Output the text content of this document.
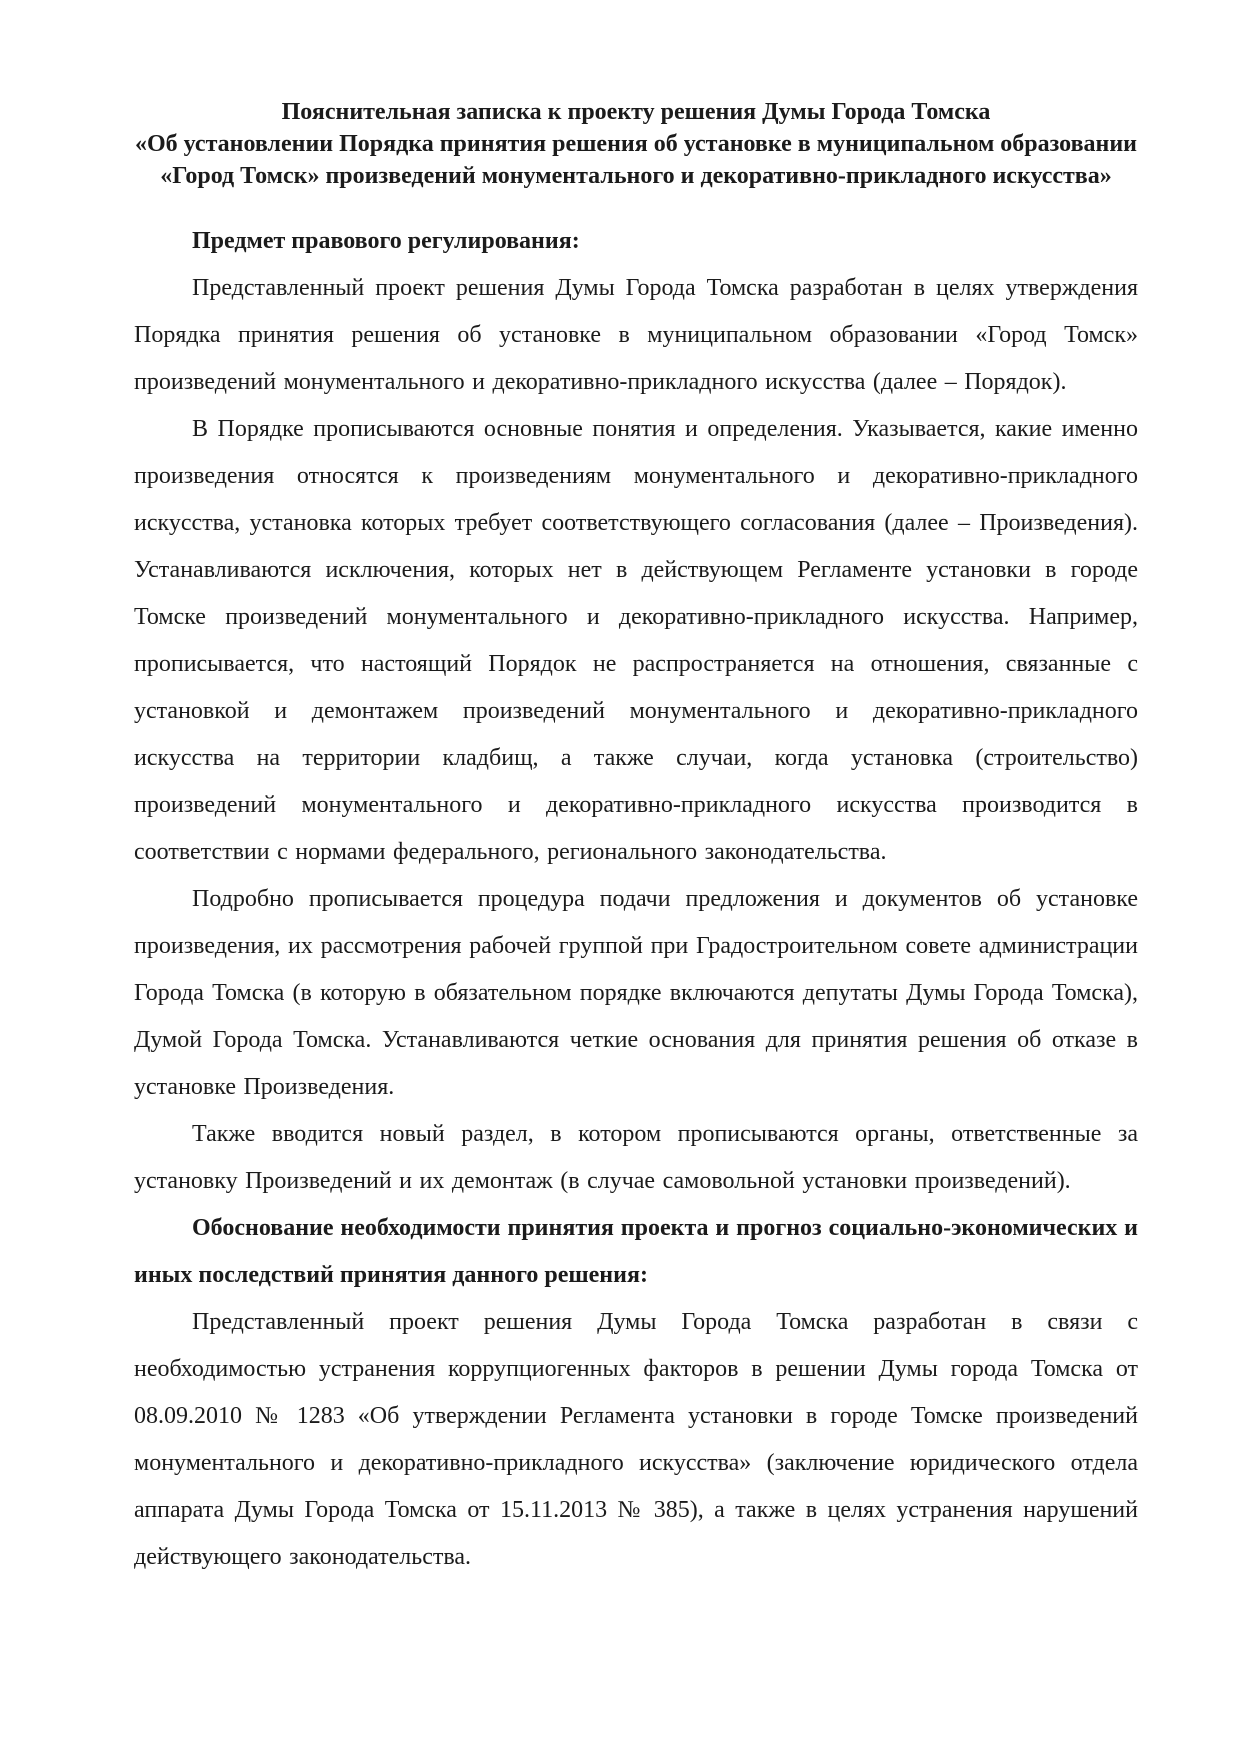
Пояснительная записка к проекту решения Думы Города Томска
«Об установлении Порядка принятия решения об установке в муниципальном образовании «Город Томск» произведений монументального и декоративно-прикладного искусства»

Предмет правового регулирования:

Представленный проект решения Думы Города Томска разработан в целях утверждения Порядка принятия решения об установке в муниципальном образовании «Город Томск» произведений монументального и декоративно-прикладного искусства (далее – Порядок).

В Порядке прописываются основные понятия и определения. Указывается, какие именно произведения относятся к произведениям монументального и декоративно-прикладного искусства, установка которых требует соответствующего согласования (далее – Произведения). Устанавливаются исключения, которых нет в действующем Регламенте установки в городе Томске произведений монументального и декоративно-прикладного искусства. Например, прописывается, что настоящий Порядок не распространяется на отношения, связанные с установкой и демонтажем произведений монументального и декоративно-прикладного искусства на территории кладбищ, а также случаи, когда установка (строительство) произведений монументального и декоративно-прикладного искусства производится в соответствии с нормами федерального, регионального законодательства.

Подробно прописывается процедура подачи предложения и документов об установке произведения, их рассмотрения рабочей группой при Градостроительном совете администрации Города Томска (в которую в обязательном порядке включаются депутаты Думы Города Томска), Думой Города Томска. Устанавливаются четкие основания для принятия решения об отказе в установке Произведения.

Также вводится новый раздел, в котором прописываются органы, ответственные за установку Произведений и их демонтаж (в случае самовольной установки произведений).

Обоснование необходимости принятия проекта и прогноз социально-экономических и иных последствий принятия данного решения:

Представленный проект решения Думы Города Томска разработан в связи с необходимостью устранения коррупциогенных факторов в решении Думы города Томска от 08.09.2010 № 1283 «Об утверждении Регламента установки в городе Томске произведений монументального и декоративно-прикладного искусства» (заключение юридического отдела аппарата Думы Города Томска от 15.11.2013 № 385), а также в целях устранения нарушений действующего законодательства.
